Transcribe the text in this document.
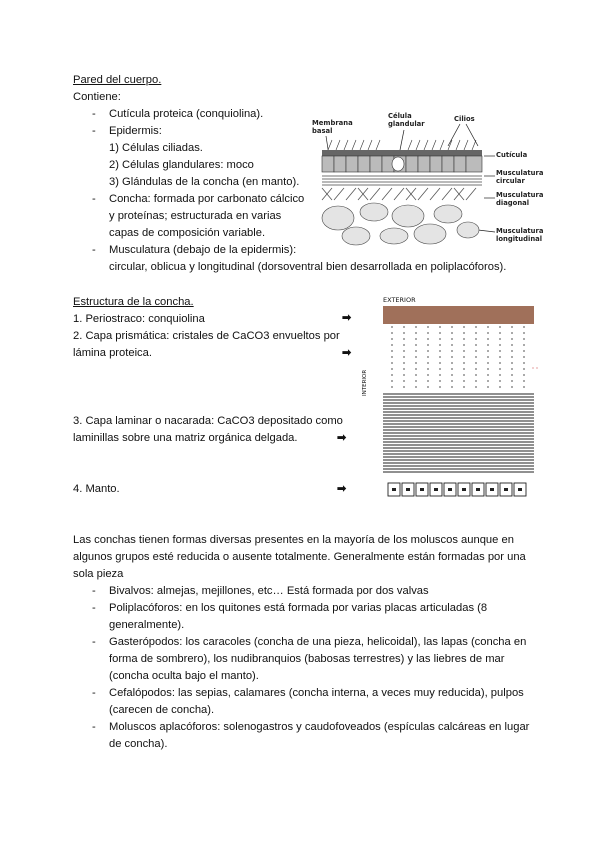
Pared del cuerpo.
Contiene:
- Cutícula proteica (conquiolina).
- Epidermis:
1) Células ciliadas.
2) Células glandulares: moco
3) Glándulas de la concha (en manto).
- Concha: formada por carbonato cálcico
y proteínas; estructurada en varias
capas de composición variable.
- Musculatura (debajo de la epidermis):
circular, oblicua y longitudinal (dorsoventral bien desarrollada en poliplacóforos).
Membrana
basal
Célula
glandular
Cilios
Cutícula
Musculatura
circular
Musculatura
diagonal
Musculatura
longitudinal
Estructura de la concha.
1. Periostraco: conquiolina
2. Capa prismática: cristales de CaCO3 envueltos por
lámina proteica.
3. Capa laminar o nacarada: CaCO3 depositado como
laminillas sobre una matriz orgánica delgada.
4. Manto.
➡
➡
➡
➡
EXTERIOR
INTERIOR
Las conchas tienen formas diversas presentes en la mayoría de los moluscos aunque en
algunos grupos esté reducida o ausente totalmente. Generalmente están formadas por una
sola pieza
- Bivalvos: almejas, mejillones, etc… Está formada por dos valvas
- Poliplacóforos: en los quitones está formada por varias placas articuladas (8
generalmente).
- Gasterópodos: los caracoles (concha de una pieza, helicoidal), las lapas (concha en
forma de sombrero), los nudibranquios (babosas terrestres) y las liebres de mar
(concha oculta bajo el manto).
- Cefalópodos: las sepias, calamares (concha interna, a veces muy reducida), pulpos
(carecen de concha).
- Moluscos aplacóforos: solenogastros y caudofoveados (espículas calcáreas en lugar
de concha).
